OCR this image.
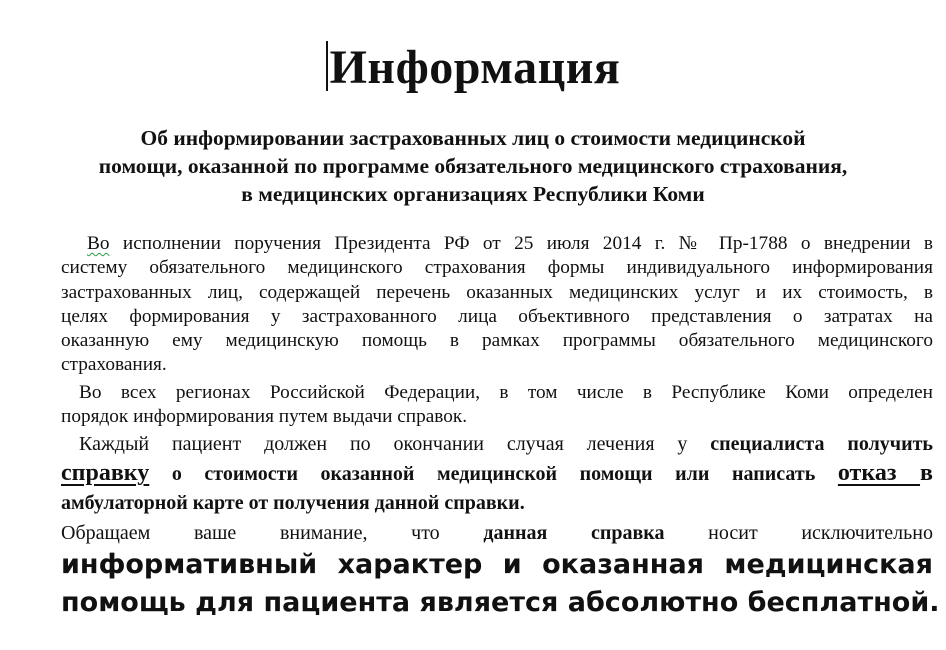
Информация
Об информировании застрахованных лиц о стоимости медицинской
помощи, оказанной по программе обязательного медицинского страхования,
в медицинских организациях Республики Коми
Во исполнении поручения Президента РФ от 25 июля 2014 г. № Пр-1788 о внедрении в
систему обязательного медицинского страхования формы индивидуального информирования
застрахованных лиц, содержащей перечень оказанных медицинских услуг и их стоимость, в
целях формирования у застрахованного лица объективного представления о затратах на
оказанную ему медицинскую помощь в рамках программы обязательного медицинского
страхования.
Во всех регионах Российской Федерации, в том числе в Республике Коми определен
порядок информирования путем выдачи справок.
Каждый пациент должен по окончании случая лечения у специалиста получить
справку о стоимости оказанной медицинской помощи или написать отказ в
амбулаторной карте от получения данной справки.
Обращаем ваше внимание, что данная справка носит исключительно
информативный характер и оказанная медицинская
помощь для пациента является абсолютно бесплатной.
